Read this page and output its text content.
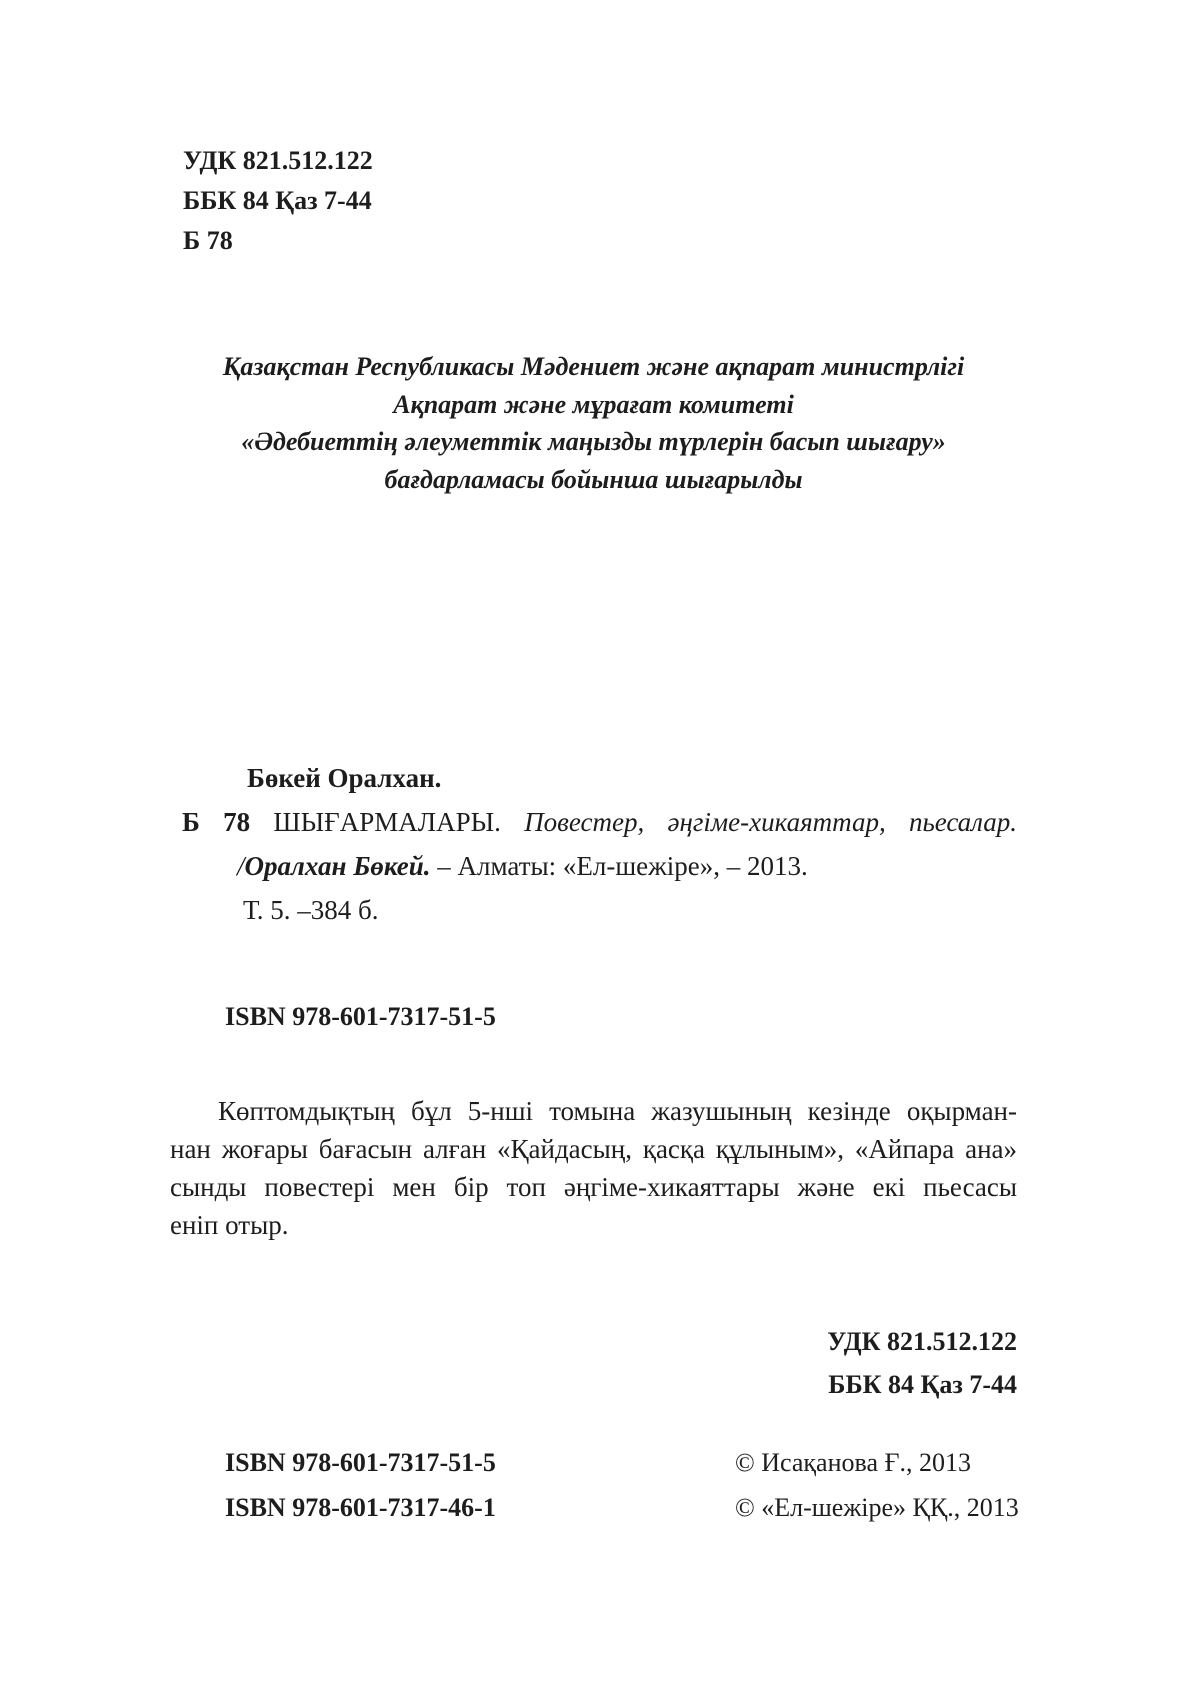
УДК 821.512.122
ББК 84 Қаз 7-44
Б 78
Қазақстан Республикасы Мәдениет және ақпарат министрлігі
Ақпарат және мұрағат комитеті
«Әдебиеттің әлеуметтік маңызды түрлерін басып шығару»
бағдарламасы бойынша шығарылды
Бөкей Оралхан.
Б 78 ШЫҒАРМАЛАРЫ. Повестер, әңгіме-хикаяттар, пьесалар.
/Оралхан Бөкей. – Алматы: «Ел-шежіре», – 2013.
Т. 5. –384 б.
ISBN 978-601-7317-51-5
Көптомдықтың бұл 5-нші томына жазушының кезінде оқырман-
нан жоғары бағасын алған «Қайдасың, қасқа құлыным», «Айпара ана»
сынды повестері мен бір топ әңгіме-хикаяттары және екі пьесасы
еніп отыр.
УДК 821.512.122
ББК 84 Қаз 7-44
ISBN 978-601-7317-51-5
ISBN 978-601-7317-46-1
© Исақанова Ғ., 2013
© «Ел-шежіре» ҚҚ., 2013
